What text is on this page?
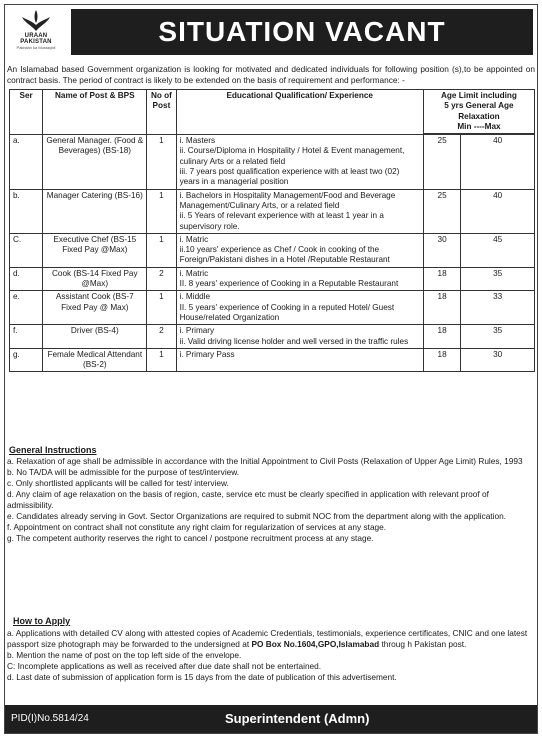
URAAN PAKISTAN
Pakistan ka Mustaqbil
SITUATION VACANT
An Islamabad based Government organization is looking for motivated and dedicated individuals for following position (s),to be appointed on contract basis. The period of contract is likely to be extended on the basis of requirement and performance: -
Ser	Name of Post & BPS	No of Post	Educational Qualification/ Experience	Age Limit including
5 yrs General Age
Relaxation
Min ----Max	

a.	General Manager. (Food & Beverages) (BS-18)	1	i. Masters
ii. Course/Diploma in Hospitality / Hotel & Event management, culinary Arts or a related field
iii. 7 years post qualification experience with at least two (02) years in a managerial position	25	40
b.	Manager Catering (BS-16)	1	i. Bachelors in Hospitality Management/Food and Beverage Management/Culinary Arts, or a related field
ii. 5 Years of relevant experience with at least 1 year in a supervisory role.	25	40
C.	Executive Chef (BS-15 Fixed Pay @Max)	1	i. Matric
ii.10 years' experience as Chef / Cook in cooking of the Foreign/Pakistani dishes in a Hotel /Reputable Restaurant	30	45
d.	Cook (BS-14 Fixed Pay @Max)	2	i. Matric
II. 8 years' experience of Cooking in a Reputable Restaurant	18	35
e.	Assistant Cook (BS-7 Fixed Pay @ Max)	1	i. Middle
II. 5 years' experience of Cooking in a reputed Hotel/ Guest House/related Organization	18	33
f.	Driver (BS-4)	2	i. Primary
ii. Valid driving license holder and well versed in the traffic rules	18	35
g.	Female Medical Attendant (BS-2)	1	i. Primary Pass	18	30
General Instructions
a. Relaxation of age shall be admissible in accordance with the Initial Appointment to Civil Posts (Relaxation of Upper Age Limit) Rules, 1993
b. No TA/DA will be admissible for the purpose of test/interview.
c. Only shortlisted applicants will be called for test/ interview.
d. Any claim of age relaxation on the basis of region, caste, service etc must be clearly specified in application with relevant proof of admissibility.
e. Candidates already serving in Govt. Sector Organizations are required to submit NOC from the department along with the application.
f. Appointment on contract shall not constitute any right claim for regularization of services at any stage.
g. The competent authority reserves the right to cancel / postpone recruitment process at any stage.
How to Apply
a. Applications with detailed CV along with attested copies of Academic Credentials, testimonials, experience certificates, CNIC and one latest passport size photograph may be forwarded to the undersigned at PO Box No.1604,GPO,Islamabad throug h Pakistan post.
b. Mention the name of post on the top left side of the envelope.
C: Incomplete applications as well as received after due date shall not be entertained.
d. Last date of submission of application form is 15 days from the date of publication of this advertisement.
PID(I)No.5814/24	Superintendent (Admn)
